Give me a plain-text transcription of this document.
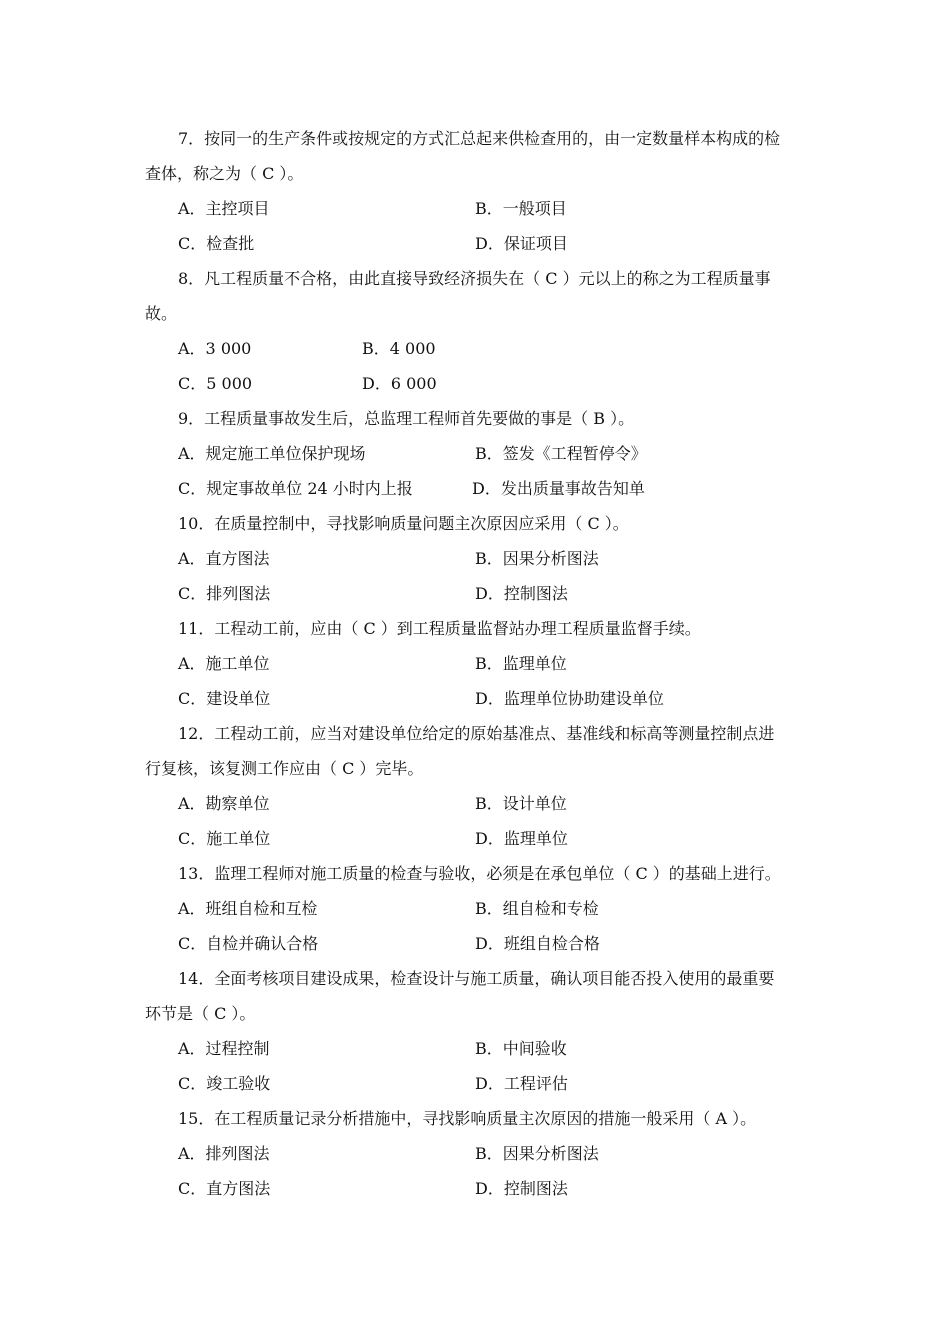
7．按同一的生产条件或按规定的方式汇总起来供检查用的，由一定数量样本构成的检
查体，称之为（ C ）。
A．主控项目	B．一般项目
C．检查批	D．保证项目
8．凡工程质量不合格，由此直接导致经济损失在（ C ）元以上的称之为工程质量事
故。
A．3 000	B．4 000
C．5 000	D．6 000
9．工程质量事故发生后，总监理工程师首先要做的事是（ B ）。
A．规定施工单位保护现场	B．签发《工程暂停令》
C．规定事故单位 24 小时内上报	D．发出质量事故告知单
10．在质量控制中，寻找影响质量问题主次原因应采用（ C ）。
A．直方图法	B．因果分析图法
C．排列图法	D．控制图法
11．工程动工前，应由（ C ）到工程质量监督站办理工程质量监督手续。
A．施工单位	B．监理单位
C．建设单位	D．监理单位协助建设单位
12．工程动工前，应当对建设单位给定的原始基准点、基准线和标高等测量控制点进
行复核，该复测工作应由（ C ）完毕。
A．勘察单位	B．设计单位
C．施工单位	D．监理单位
13．监理工程师对施工质量的检查与验收，必须是在承包单位（ C ）的基础上进行。
A．班组自检和互检	B．组自检和专检
C．自检并确认合格	D．班组自检合格
14．全面考核项目建设成果，检查设计与施工质量，确认项目能否投入使用的最重要
环节是（ C ）。
A．过程控制	B．中间验收
C．竣工验收	D．工程评估
15．在工程质量记录分析措施中，寻找影响质量主次原因的措施一般采用（ A ）。
A．排列图法	B．因果分析图法
C．直方图法	D．控制图法
